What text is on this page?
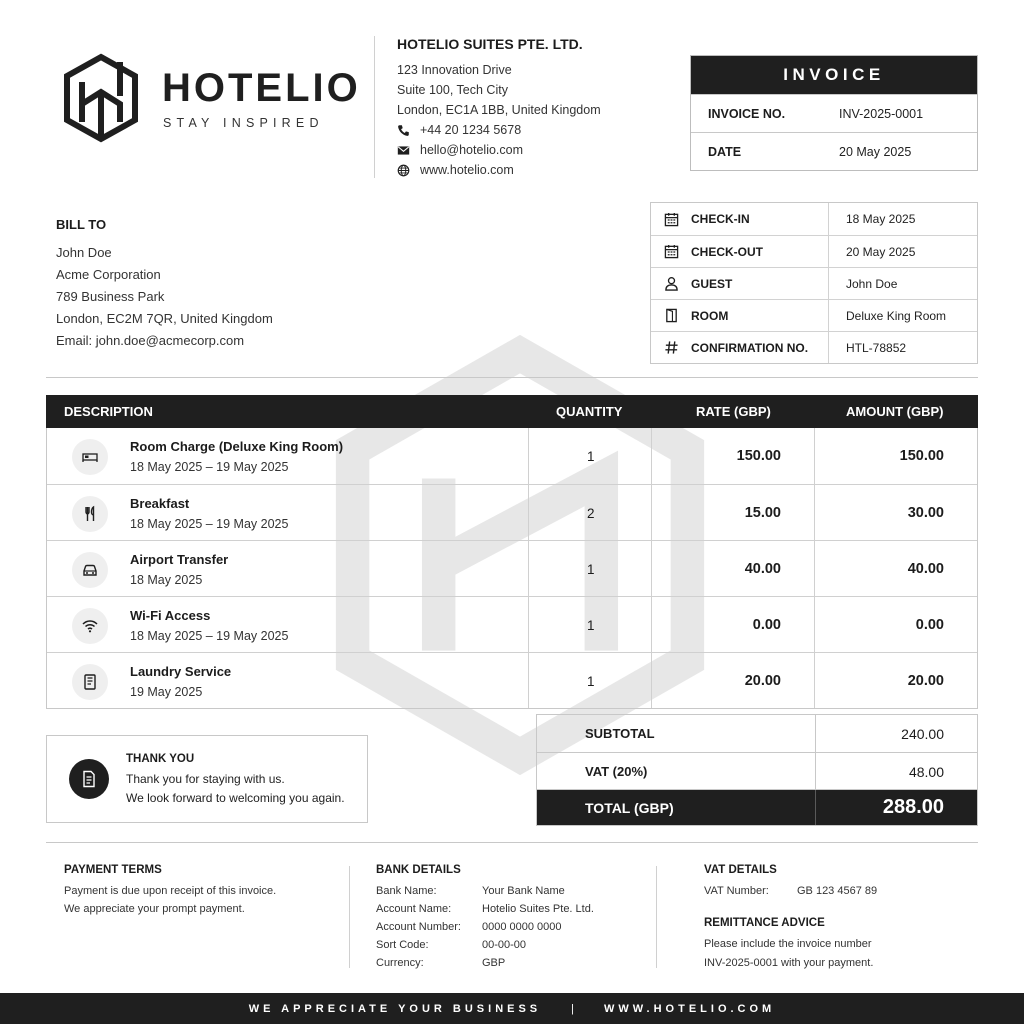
HOTELIO
STAY INSPIRED
HOTELIO SUITES PTE. LTD.
123 Innovation Drive
Suite 100, Tech City
London, EC1A 1BB, United Kingdom
+44 20 1234 5678
hello@hotelio.com
www.hotelio.com
INVOICE
INVOICE NO.	INV-2025-0001
DATE	20 May 2025
BILL TO
John Doe
Acme Corporation
789 Business Park
London, EC2M 7QR, United Kingdom
Email: john.doe@acmecorp.com
CHECK-IN	18 May 2025
CHECK-OUT	20 May 2025
GUEST	John Doe
ROOM	Deluxe King Room
CONFIRMATION NO.	HTL-78852
DESCRIPTION	QUANTITY	RATE (GBP)	AMOUNT (GBP)
Room Charge (Deluxe King Room)
18 May 2025 – 19 May 2025
1	150.00	150.00
Breakfast
18 May 2025 – 19 May 2025
2	15.00	30.00
Airport Transfer
18 May 2025
1	40.00	40.00
Wi-Fi Access
18 May 2025 – 19 May 2025
1	0.00	0.00
Laundry Service
19 May 2025
1	20.00	20.00
SUBTOTAL	240.00
VAT (20%)	48.00
TOTAL (GBP)	288.00
THANK YOU
Thank you for staying with us.
We look forward to welcoming you again.
PAYMENT TERMS
Payment is due upon receipt of this invoice.
We appreciate your prompt payment.
BANK DETAILS
Bank Name:	Your Bank Name
Account Name:	Hotelio Suites Pte. Ltd.
Account Number: 0000 0000 0000
Sort Code:	00-00-00
Currency:	GBP
VAT DETAILS
VAT Number:	GB 123 4567 89
REMITTANCE ADVICE
Please include the invoice number
INV-2025-0001 with your payment.
WE APPRECIATE YOUR BUSINESS	|	WWW.HOTELIO.COM
